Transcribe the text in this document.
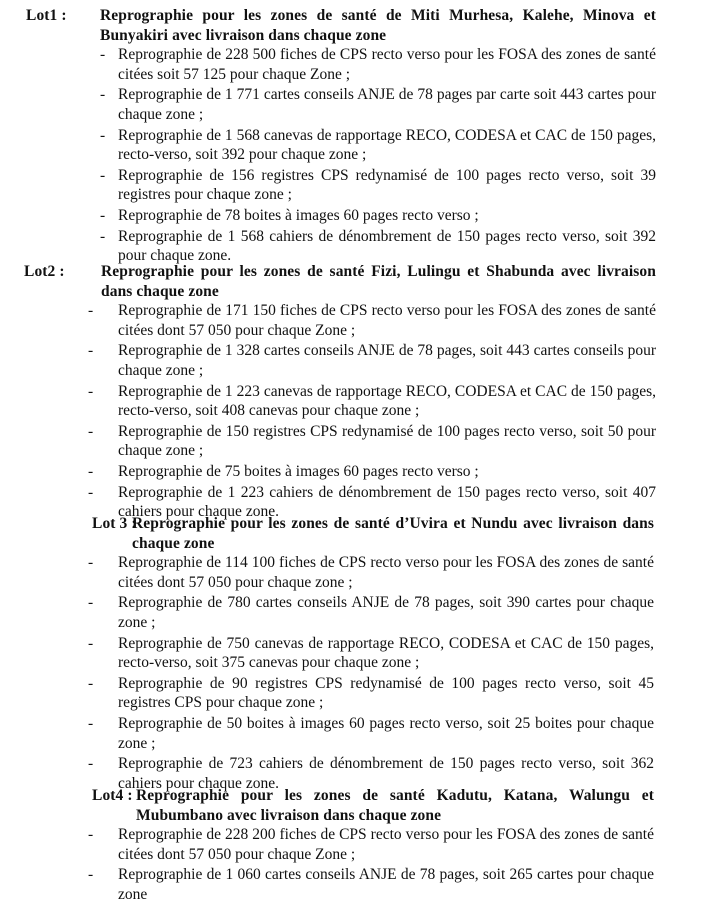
Lot1 :	Reprographie pour les zones de santé de Miti Murhesa, Kalehe, Minova et Bunyakiri avec livraison dans chaque zone
- Reprographie de 228 500 fiches de CPS recto verso pour les FOSA des zones de santé citées soit 57 125 pour chaque Zone ;
- Reprographie de 1 771 cartes conseils ANJE de 78 pages par carte soit 443 cartes pour chaque zone ;
- Reprographie de 1 568 canevas de rapportage RECO, CODESA et CAC de 150 pages, recto-verso, soit 392 pour chaque zone ;
- Reprographie de 156 registres CPS redynamisé de 100 pages recto verso, soit 39 registres pour chaque zone ;
- Reprographie de 78 boites à images 60 pages recto verso ;
- Reprographie de 1 568 cahiers de dénombrement de 150 pages recto verso, soit 392 pour chaque zone.
Lot2 :	Reprographie pour les zones de santé Fizi, Lulingu et Shabunda avec livraison dans chaque zone
- Reprographie de 171 150 fiches de CPS recto verso pour les FOSA des zones de santé citées dont 57 050 pour chaque Zone ;
- Reprographie de 1 328 cartes conseils ANJE de 78 pages, soit 443 cartes conseils pour chaque zone ;
- Reprographie de 1 223 canevas de rapportage RECO, CODESA et CAC de 150 pages, recto-verso, soit 408 canevas pour chaque zone ;
- Reprographie de 150 registres CPS redynamisé de 100 pages recto verso, soit 50 pour chaque zone ;
- Reprographie de 75 boites à images 60 pages recto verso ;
- Reprographie de 1 223 cahiers de dénombrement de 150 pages recto verso, soit 407 cahiers pour chaque zone.
Lot 3 :
Reprographie pour les zones de santé d’Uvira et Nundu avec livraison dans chaque zone
- Reprographie de 114 100 fiches de CPS recto verso pour les FOSA des zones de santé citées dont 57 050 pour chaque zone ;
- Reprographie de 780 cartes conseils ANJE de 78 pages, soit 390 cartes pour chaque zone ;
- Reprographie de 750 canevas de rapportage RECO, CODESA et CAC de 150 pages, recto-verso, soit 375 canevas pour chaque zone ;
- Reprographie de 90 registres CPS redynamisé de 100 pages recto verso, soit 45 registres CPS pour chaque zone ;
- Reprographie de 50 boites à images 60 pages recto verso, soit 25 boites pour chaque zone ;
- Reprographie de 723 cahiers de dénombrement de 150 pages recto verso, soit 362 cahiers pour chaque zone.
Lot4 : Reprographie pour les zones de santé Kadutu, Katana, Walungu et Mubumbano avec livraison dans chaque zone
- Reprographie de 228 200 fiches de CPS recto verso pour les FOSA des zones de santé citées dont 57 050 pour chaque Zone ;
- Reprographie de 1 060 cartes conseils ANJE de 78 pages, soit 265 cartes pour chaque zone
